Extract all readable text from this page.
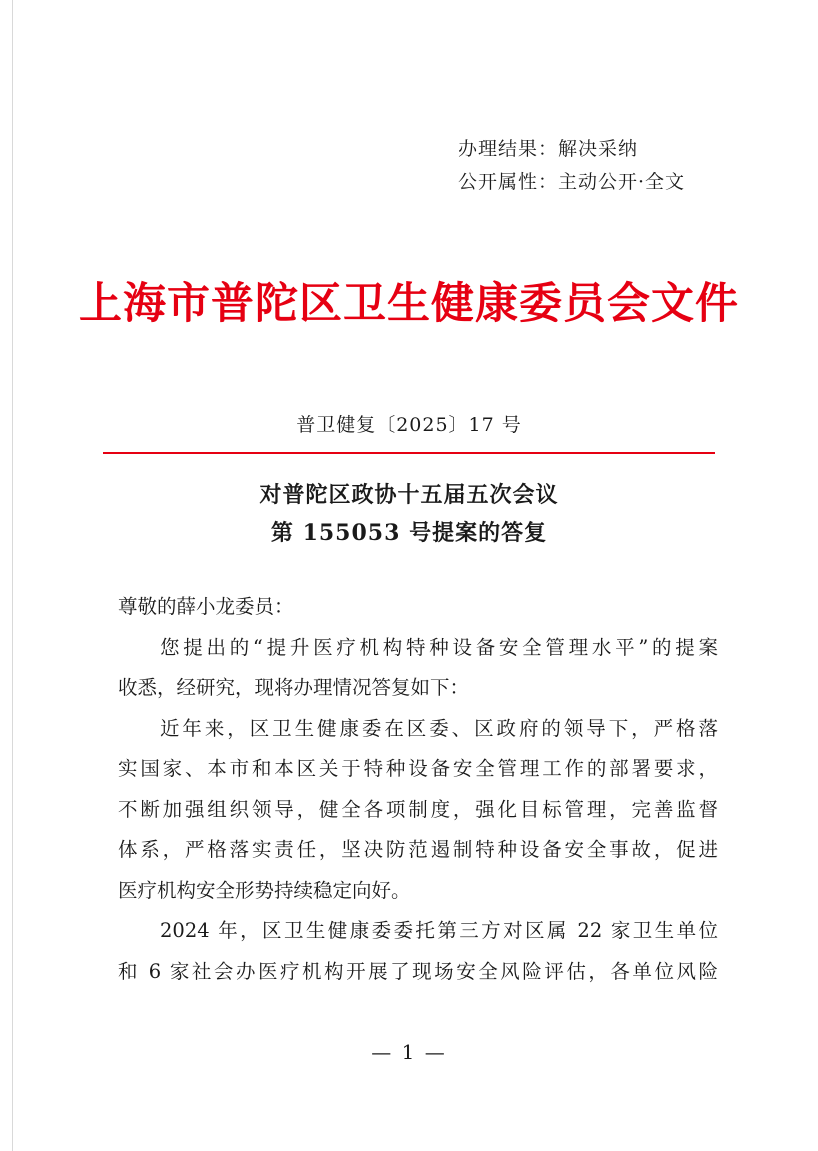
办理结果：解决采纳
公开属性：主动公开·全文
上海市普陀区卫生健康委员会文件
普卫健复〔2025〕17 号
对普陀区政协十五届五次会议
第 155053 号提案的答复
尊敬的薛小龙委员：
您提出的“提升医疗机构特种设备安全管理水平”的提案
收悉，经研究，现将办理情况答复如下：
近年来，区卫生健康委在区委、区政府的领导下，严格落
实国家、本市和本区关于特种设备安全管理工作的部署要求，
不断加强组织领导，健全各项制度，强化目标管理，完善监督
体系，严格落实责任，坚决防范遏制特种设备安全事故，促进
医疗机构安全形势持续稳定向好。
2024 年，区卫生健康委委托第三方对区属 22 家卫生单位
和 6 家社会办医疗机构开展了现场安全风险评估，各单位风险
— 1 —
